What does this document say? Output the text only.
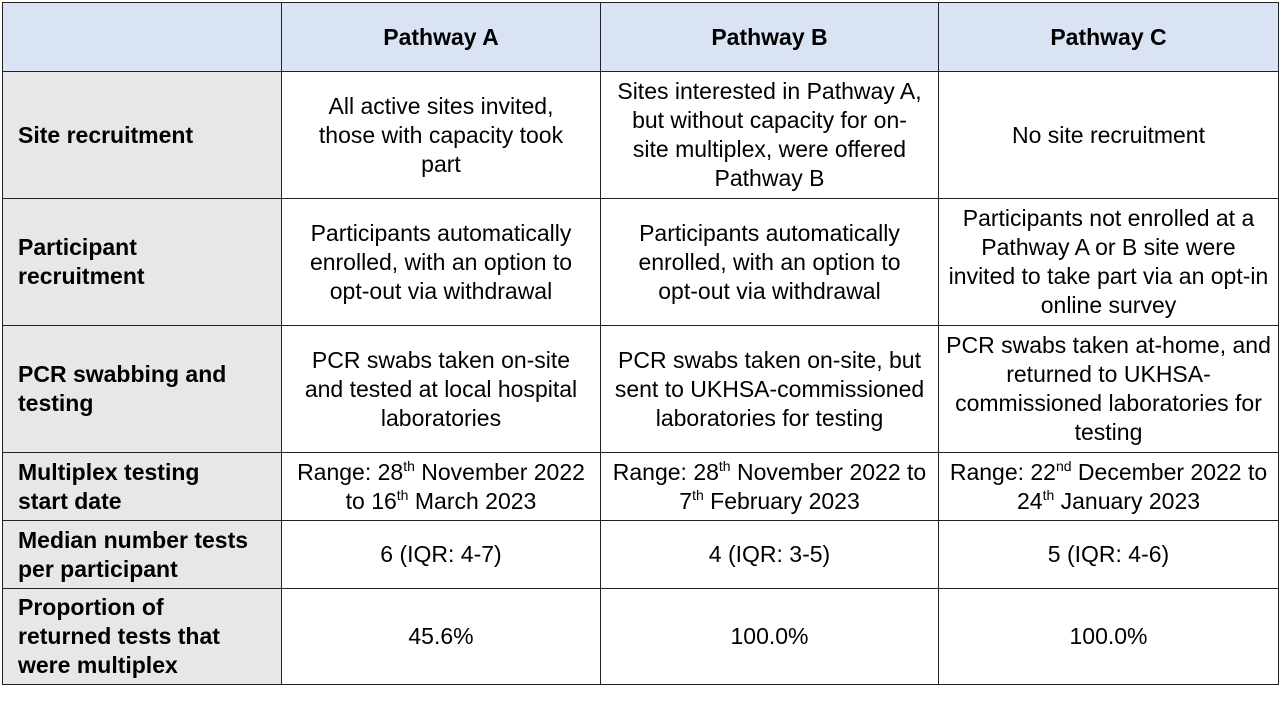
	Pathway A	Pathway B	Pathway C
Site recruitment	All active sites invited, those with capacity took part	Sites interested in Pathway A, but without capacity for on-site multiplex, were offered Pathway B	No site recruitment
Participant recruitment	Participants automatically enrolled, with an option to opt-out via withdrawal	Participants automatically enrolled, with an option to opt-out via withdrawal	Participants not enrolled at a Pathway A or B site were invited to take part via an opt-in online survey
PCR swabbing and testing	PCR swabs taken on-site and tested at local hospital laboratories	PCR swabs taken on-site, but sent to UKHSA-commissioned laboratories for testing	PCR swabs taken at-home, and returned to UKHSA-commissioned laboratories for testing
Multiplex testing start date	Range: 28th November 2022 to 16th March 2023	Range: 28th November 2022 to 7th February 2023	Range: 22nd December 2022 to 24th January 2023
Median number tests per participant	6 (IQR: 4-7)	4 (IQR: 3-5)	5 (IQR: 4-6)
Proportion of returned tests that were multiplex	45.6%	100.0%	100.0%
